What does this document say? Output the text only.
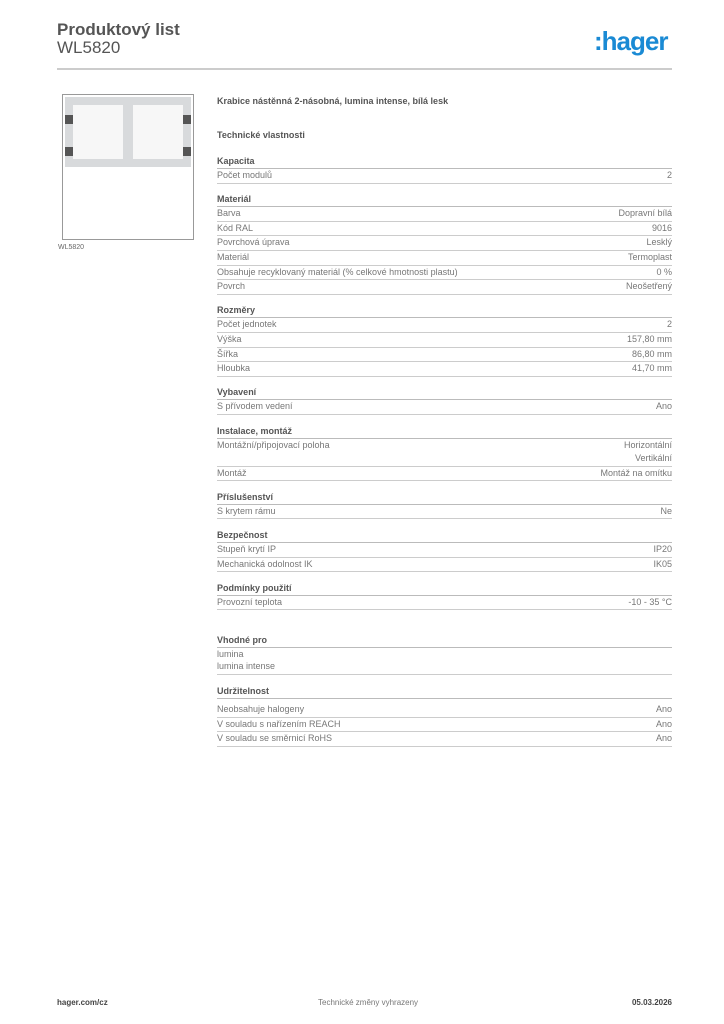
Produktový list
WL5820	:hager
WL5820
Krabice nástěnná 2-násobná, lumina intense, bílá lesk
Technické vlastnosti
Kapacita
Počet modulů	2
Materiál
Barva	Dopravní bílá
Kód RAL	9016
Povrchová úprava	Lesklý
Materiál	Termoplast
Obsahuje recyklovaný materiál (% celkové hmotnosti plastu)	0 %
Povrch	Neošetřený
Rozměry
Počet jednotek	2
Výška	157,80 mm
Šířka	86,80 mm
Hloubka	41,70 mm
Vybavení
S přívodem vedení	Ano
Instalace, montáž
Montážní/připojovací poloha	Horizontální
Vertikální
Montáž	Montáž na omítku
Příslušenství
S krytem rámu	Ne
Bezpečnost
Stupeň krytí IP	IP20
Mechanická odolnost IK	IK05
Podmínky použití
Provozní teplota	-10 - 35 °C
Vhodné pro
lumina
lumina intense
Udržitelnost
Neobsahuje halogeny	Ano
V souladu s nařízením REACH	Ano
V souladu se směrnicí RoHS	Ano
hager.com/cz	Technické změny vyhrazeny	05.03.2026
